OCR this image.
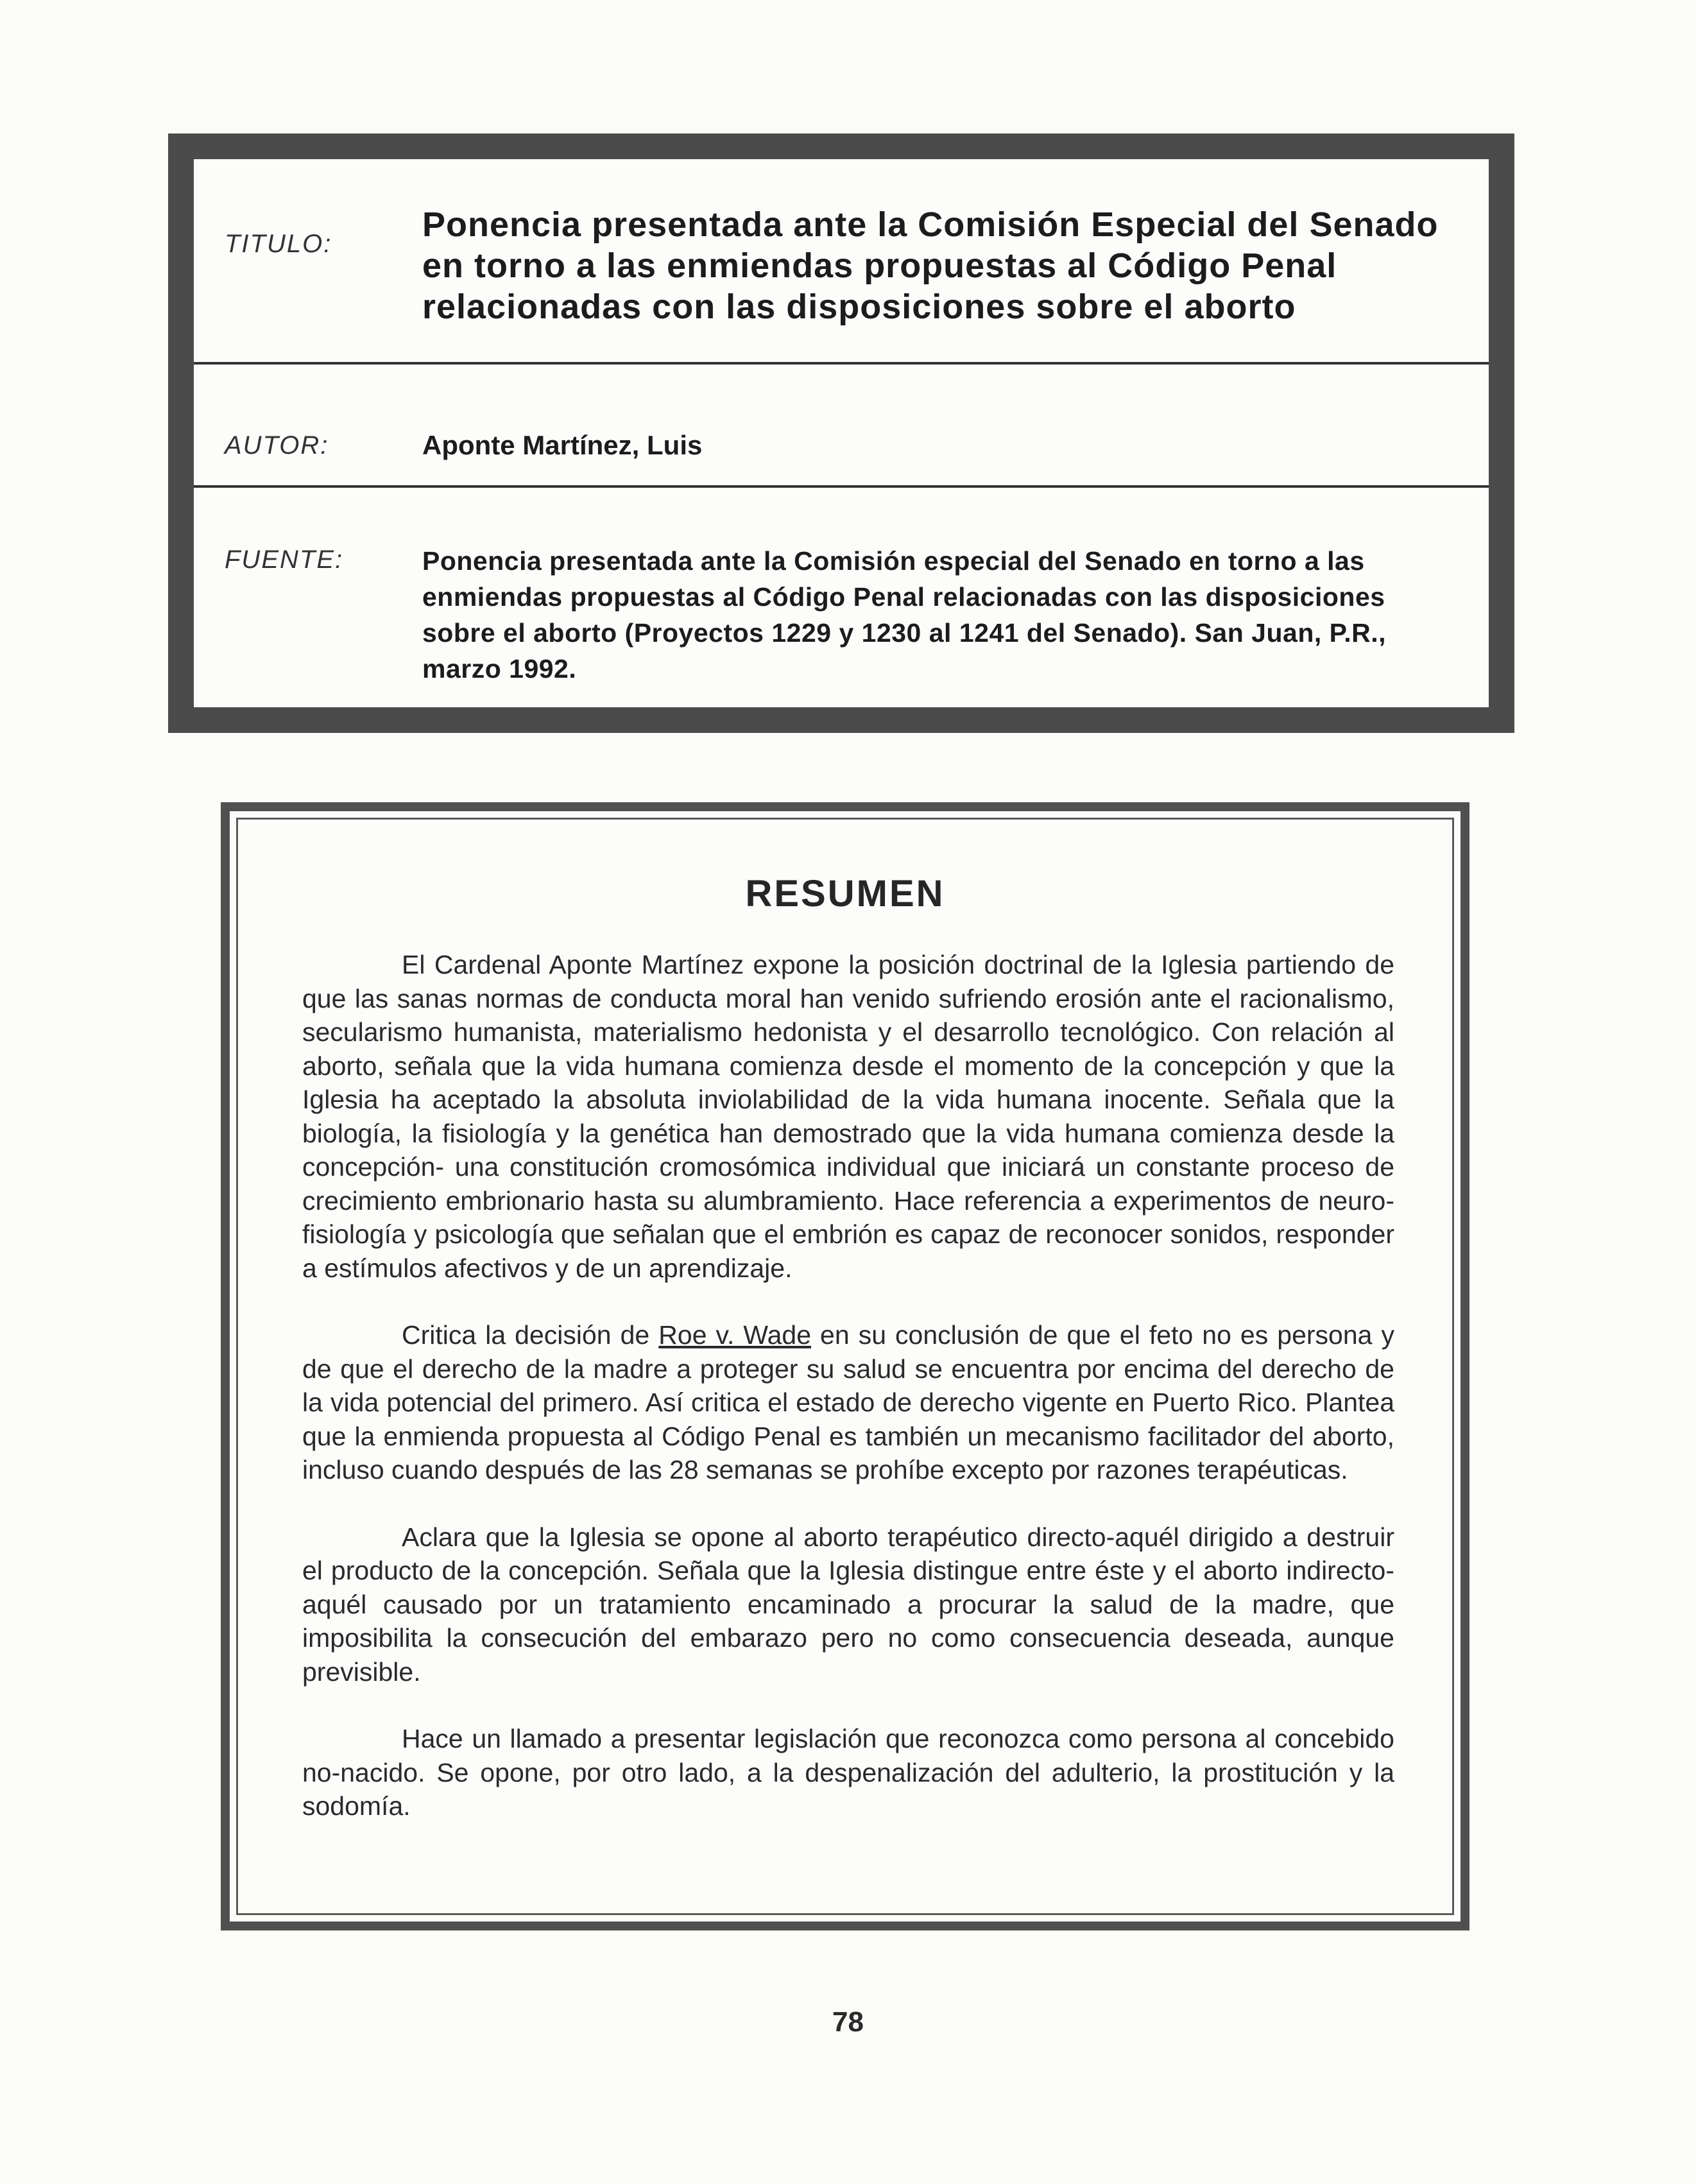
TITULO:	Ponencia presentada ante la Comisión Especial del Senado en torno a las enmiendas propuestas al Código Penal relacionadas con las disposiciones sobre el aborto
AUTOR:	Aponte Martínez, Luis
FUENTE:	Ponencia presentada ante la Comisión especial del Senado en torno a las enmiendas propuestas al Código Penal relacionadas con las disposiciones sobre el aborto (Proyectos 1229 y 1230 al 1241 del Senado). San Juan, P.R., marzo 1992.
RESUMEN

El Cardenal Aponte Martínez expone la posición doctrinal de la Iglesia partiendo de que las sanas normas de conducta moral han venido sufriendo erosión ante el racionalismo, secularismo humanista, materialismo hedonista y el desarrollo tecnológico. Con relación al aborto, señala que la vida humana comienza desde el momento de la concepción y que la Iglesia ha aceptado la absoluta inviolabilidad de la vida humana inocente. Señala que la biología, la fisiología y la genética han demostrado que la vida humana comienza desde la concepción- una constitución cromosómica individual que iniciará un constante proceso de crecimiento embrionario hasta su alumbramiento. Hace referencia a experimentos de neuro-fisiología y psicología que señalan que el embrión es capaz de reconocer sonidos, responder a estímulos afectivos y de un aprendizaje.

Critica la decisión de Roe v. Wade en su conclusión de que el feto no es persona y de que el derecho de la madre a proteger su salud se encuentra por encima del derecho de la vida potencial del primero. Así critica el estado de derecho vigente en Puerto Rico. Plantea que la enmienda propuesta al Código Penal es también un mecanismo facilitador del aborto, incluso cuando después de las 28 semanas se prohíbe excepto por razones terapéuticas.

Aclara que la Iglesia se opone al aborto terapéutico directo-aquél dirigido a destruir el producto de la concepción. Señala que la Iglesia distingue entre éste y el aborto indirecto- aquél causado por un tratamiento encaminado a procurar la salud de la madre, que imposibilita la consecución del embarazo pero no como consecuencia deseada, aunque previsible.

Hace un llamado a presentar legislación que reconozca como persona al concebido no-nacido. Se opone, por otro lado, a la despenalización del adulterio, la prostitución y la sodomía.

78
